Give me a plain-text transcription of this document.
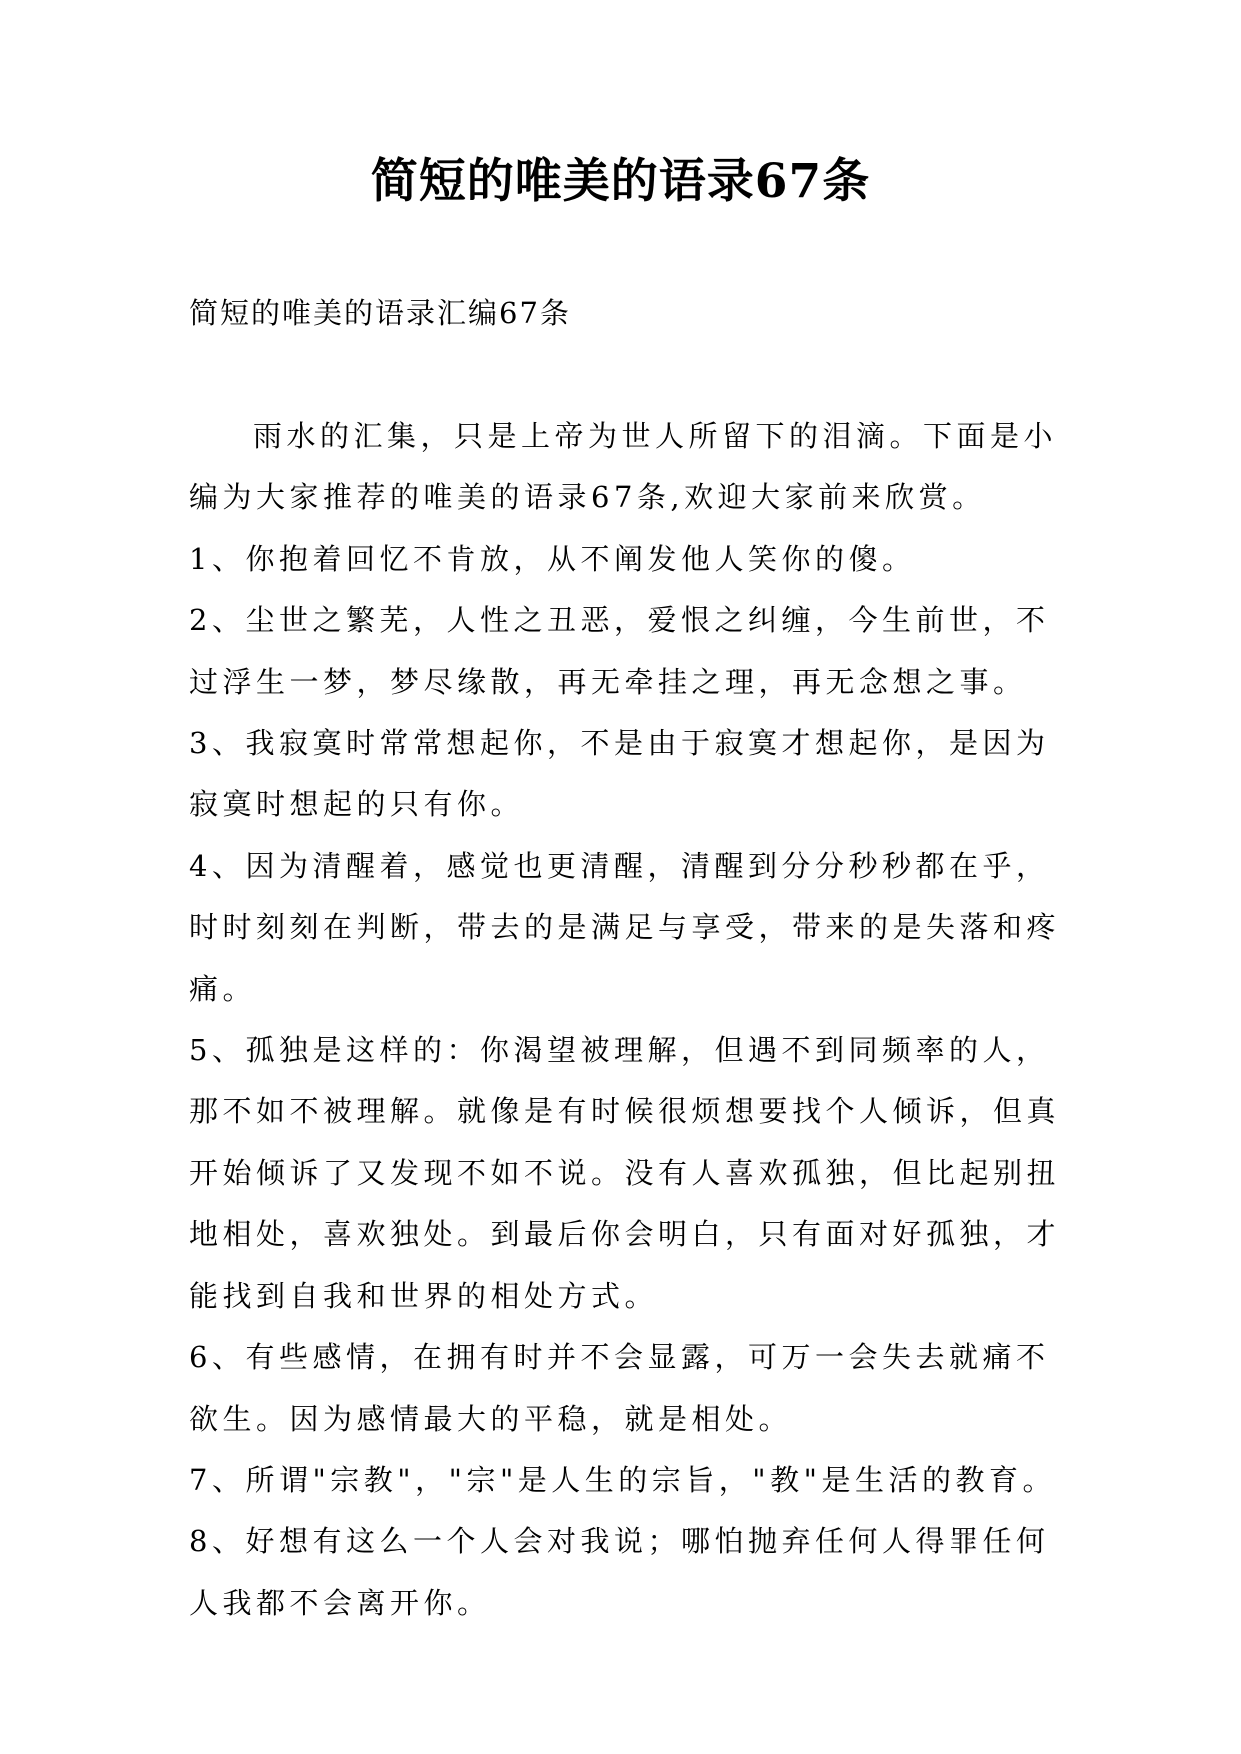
简短的唯美的语录67条
简短的唯美的语录汇编67条

雨水的汇集，只是上帝为世人所留下的泪滴。下面是小编为大家推荐的唯美的语录67条,欢迎大家前来欣赏。

1、你抱着回忆不肯放，从不阐发他人笑你的傻。

2、尘世之繁芜，人性之丑恶，爱恨之纠缠，今生前世，不过浮生一梦，梦尽缘散，再无牵挂之理，再无念想之事。

3、我寂寞时常常想起你，不是由于寂寞才想起你，是因为寂寞时想起的只有你。

4、因为清醒着，感觉也更清醒，清醒到分分秒秒都在乎，时时刻刻在判断，带去的是满足与享受，带来的是失落和疼痛。

5、孤独是这样的：你渴望被理解，但遇不到同频率的人，那不如不被理解。就像是有时候很烦想要找个人倾诉，但真开始倾诉了又发现不如不说。没有人喜欢孤独，但比起别扭地相处，喜欢独处。到最后你会明白，只有面对好孤独，才能找到自我和世界的相处方式。

6、有些感情，在拥有时并不会显露，可万一会失去就痛不欲生。因为感情最大的平稳，就是相处。

7、所谓"宗教"，"宗"是人生的宗旨，"教"是生活的教育。

8、好想有这么一个人会对我说；哪怕抛弃任何人得罪任何人我都不会离开你。
